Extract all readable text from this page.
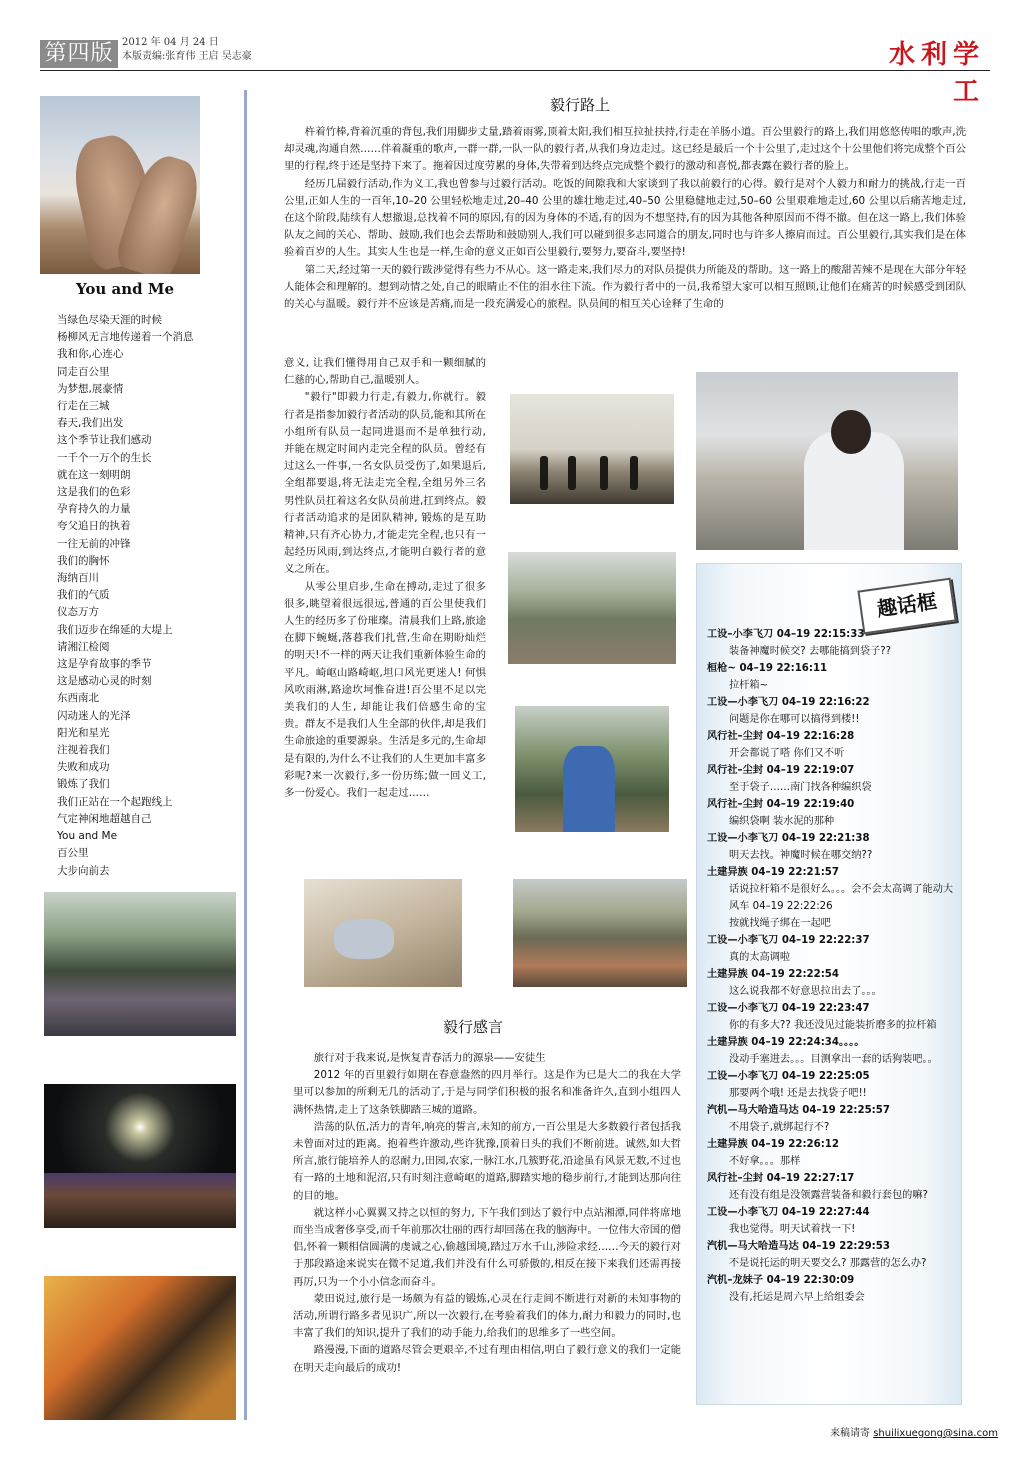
第四版 2012 年 04 月 24 日
本版责编:张育伟 王启 吴志豪	水利学工
You and Me
当绿色尽染天涯的时候
杨柳风无言地传递着一个消息
我和你,心连心
同走百公里
为梦想,展豪情
行走在三城
春天,我们出发
这个季节让我们感动
一千个一万个的生长
就在这一刻明朗
这是我们的色彩
孕育持久的力量
夸父追日的执着
一往无前的冲锋
我们的胸怀
海纳百川
我们的气质
仪态万方
我们迈步在绵延的大堤上
请湘江检阅
这是孕育故事的季节
这是感动心灵的时刻
东西南北
闪动迷人的光泽
阳光和星光
注视着我们
失败和成功
锻炼了我们
我们正站在一个起跑线上
气定神闲地超越自己
You and Me
百公里
大步向前去
毅行路上

杵着竹棒,背着沉重的背包,我们用脚步丈量,踏着雨雾,顶着太阳,我们相互拉扯扶持,行走在羊肠小道。百公里毅行的路上,我们用悠悠传唱的歌声,洗却灵魂,沟通自然……伴着凝重的歌声,一群一群,一队一队的毅行者,从我们身边走过。这已经是最后一个十公里了,走过这个十公里他们将完成整个百公里的行程,终于还是坚持下来了。拖着因过度劳累的身体,失带着到达终点完成整个毅行的激动和喜悦,都表露在毅行者的脸上。

经历几届毅行活动,作为义工,我也曾参与过毅行活动。吃饭的间隙我和大家谈到了我以前毅行的心得。毅行是对个人毅力和耐力的挑战,行走一百公里,正如人生的一百年,10–20 公里轻松地走过,20–40 公里的雄壮地走过,40–50 公里稳健地走过,50–60 公里艰难地走过,60 公里以后痛苦地走过,在这个阶段,陆续有人想撤退,总找着不同的原因,有的因为身体的不适,有的因为不想坚持,有的因为其他各种原因而不得不撤。但在这一路上,我们体验队友之间的关心、帮助、鼓励,我们也会去帮助和鼓励别人,我们可以碰到很多志同道合的朋友,同时也与许多人擦肩而过。百公里毅行,其实我们是在体验着百岁的人生。其实人生也是一样,生命的意义正如百公里毅行,要努力,要奋斗,要坚持!

第二天,经过第一天的毅行跋涉觉得有些力不从心。这一路走来,我们尽力的对队员提供力所能及的帮助。这一路上的酸甜苦辣不是现在大部分年轻人能体会和理解的。想到动情之处,自己的眼睛止不住的泪水往下流。作为毅行者中的一员,我希望大家可以相互照顾,让他们在痛苦的时候感受到团队的关心与温暖。毅行并不应该是苦痛,而是一段充满爱心的旅程。队员间的相互关心诠释了生命的

意义, 让我们懂得用自己双手和一颗细腻的仁慈的心,帮助自己,温暖别人。

"毅行"即毅力行走,有毅力,你就行。毅行者是指参加毅行者活动的队员,能和其所在小组所有队员一起同进退而不是单独行动, 并能在规定时间内走完全程的队员。曾经有过这么一件事,一名女队员受伤了,如果退后,全组都要退,将无法走完全程,全组另外三名男性队员扛着这名女队员前进,扛到终点。毅行者活动追求的是团队精神, 锻炼的是互助精神,只有齐心协力,才能走完全程,也只有一起经历风雨,到达终点,才能明白毅行者的意义之所在。

从零公里启步,生命在搏动,走过了很多很多,眺望着很远很远,普通的百公里使我们人生的经历多了份璀璨。清晨我们上路,旅途在脚下蜿蜒,落暮我们扎营,生命在期盼灿烂的明天!不一样的两天让我们重新体验生命的平凡。崎岖山路崎岖,坦口风光更迷人! 何惧风吹雨淋,路途坎坷惟奋进!百公里不足以完美我们的人生, 却能让我们倍感生命的宝贵。群友不是我们人生全部的伙伴,却是我们生命旅途的重要源泉。生活是多元的,生命却是有限的,为什么不让我们的人生更加丰富多彩呢?来一次毅行,多一份历练;做一回义工,多一份爱心。我们一起走过……

毅行感言

旅行对于我来说,是恢复青春活力的源泉——安徒生

2012 年的百里毅行如期在春意盎然的四月举行。这是作为已是大二的我在大学里可以参加的所剩无几的活动了,于是与同学们积极的报名和准备许久,直到小组四人满怀热情,走上了这条铁脚踏三城的道路。

浩荡的队伍,活力的青年,响亮的誓言,未知的前方,一百公里是大多数毅行者包括我未曾面对过的距离。抱着些许激动,些许犹豫,顶着日头的我们不断前进。诚然,如大哲所言,旅行能培养人的忍耐力,田园,农家,一脉江水,几簇野花,沿途虽有风景无数,不过也有一路的土地和泥沼,只有时刻注意崎岖的道路,脚踏实地的稳步前行,才能到达那向往的目的地。

就这样小心翼翼又持之以恒的努力, 下午我们到达了毅行中点站湘潭,同伴将席地而坐当成奢侈享受,而千年前那次壮丽的西行却回荡在我的脑海中。一位伟大帝国的僧侣,怀着一颗相信圆满的虔诚之心,偷越国境,踏过万水千山,涉险求经……今天的毅行对于那段路途来说实在微不足道,我们并没有什么可骄傲的,相反在接下来我们还需再接再厉,只为一个小小信念而奋斗。

蒙田说过,旅行是一场颇为有益的锻炼,心灵在行走间不断进行对新的未知事物的活动,所谓行路多者见识广,所以一次毅行,在考验着我们的体力,耐力和毅力的同时,也丰富了我们的知识,提升了我们的动手能力,给我们的思维多了一些空间。

路漫漫,下面的道路尽管会更艰辛,不过有理由相信,明白了毅行意义的我们一定能在明天走向最后的成功!

趣话框
工设–小李飞刀 04–19 22:15:33
装备神魔时候交? 去哪能搞到袋子??
桓枪~ 04–19 22:16:11
拉杆箱~
工设—小李飞刀 04–19 22:16:22
问题是你在哪可以搞得到楼!!
风行社–尘封 04–19 22:16:28
开会都说了嗒 你们又不听
风行社–尘封 04–19 22:19:07
至于袋子……南门找各种编织袋
风行社–尘封 04–19 22:19:40
编织袋啊 装水泥的那种
工设—小李飞刀 04–19 22:21:38
明天去找。神魔时候在哪交纳??
土建异族 04–19 22:21:57
话说拉杆箱不是很好么。。。会不会太高调了能动大风车 04–19 22:22:26
按就找绳子绑在一起吧
工设—小李飞刀 04–19 22:22:37
真的太高调啦
土建异族 04–19 22:22:54
这么说我都不好意思拉出去了。。。
工设—小李飞刀 04–19 22:23:47
你的有多大?? 我还没见过能装折磨多的拉杆箱
土建异族 04–19 22:24:34。。。。
没动手塞进去。。。目测拿出一套的话狗装吧。。
工设—小李飞刀 04–19 22:25:05
那要两个哦! 还是去找袋子吧!!
汽机—马大哈造马达 04–19 22:25:57
不用袋子,就绑起行不?
土建异族 04–19 22:26:12
不好拿。。。那样
风行社–尘封 04–19 22:27:17
还有没有组是没领露营装备和毅行套包的嘛?
工设—小李飞刀 04–19 22:27:44
我也觉得。明天试着找一下!
汽机—马大哈造马达 04–19 22:29:53
不是说托运的明天要交么? 那露营的怎么办?
汽机–龙妹子 04–19 22:30:09
没有,托运是周六早上给组委会
来稿请寄 shuilixuegong@sina.com
